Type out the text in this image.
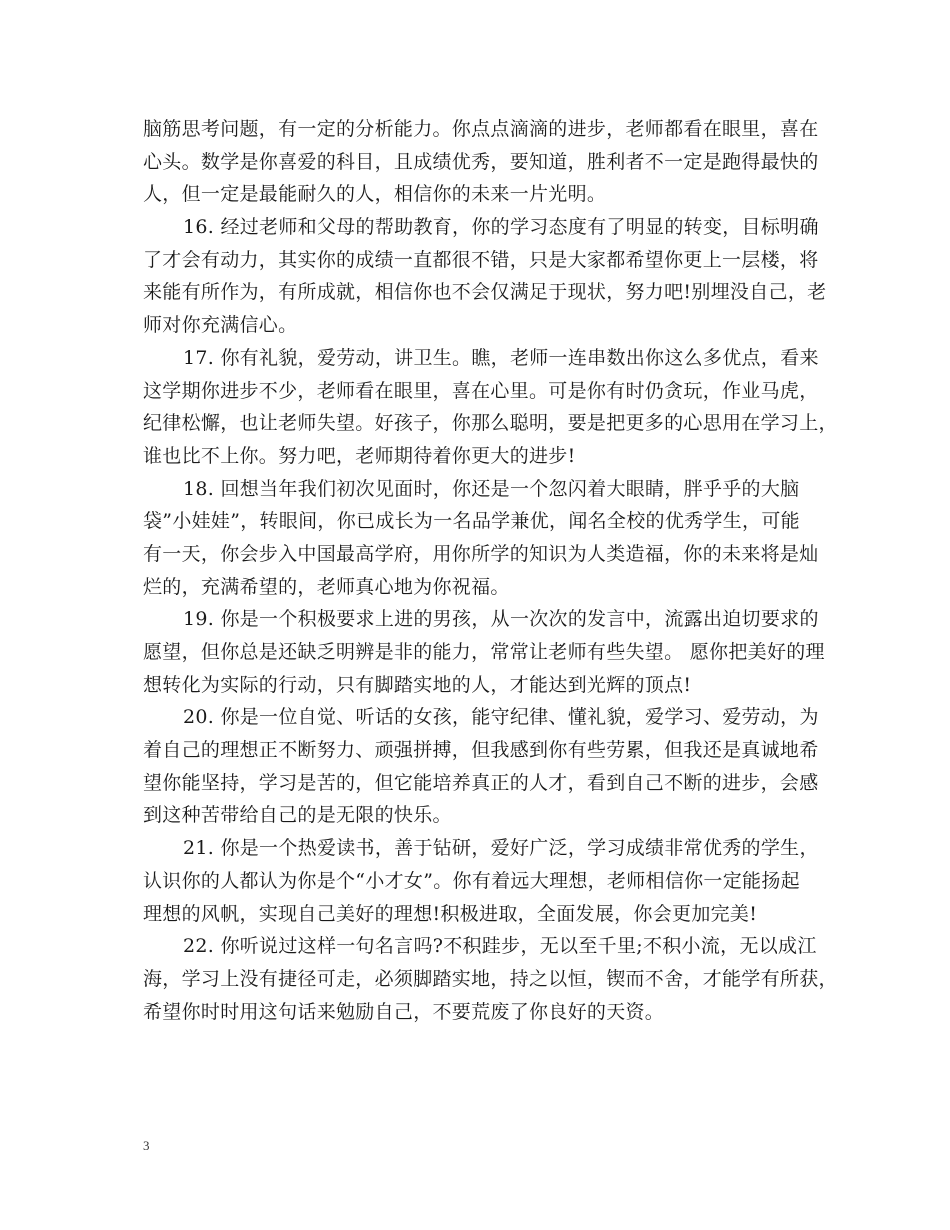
脑筋思考问题，有一定的分析能力。你点点滴滴的进步，老师都看在眼里，喜在
心头。数学是你喜爱的科目，且成绩优秀，要知道，胜利者不一定是跑得最快的
人，但一定是最能耐久的人，相信你的未来一片光明。
16. 经过老师和父母的帮助教育，你的学习态度有了明显的转变，目标明确
了才会有动力，其实你的成绩一直都很不错，只是大家都希望你更上一层楼，将
来能有所作为，有所成就，相信你也不会仅满足于现状，努力吧!别埋没自己，老
师对你充满信心。
17. 你有礼貌，爱劳动，讲卫生。瞧，老师一连串数出你这么多优点，看来
这学期你进步不少，老师看在眼里，喜在心里。可是你有时仍贪玩，作业马虎，
纪律松懈，也让老师失望。好孩子，你那么聪明，要是把更多的心思用在学习上，
谁也比不上你。努力吧，老师期待着你更大的进步!
18. 回想当年我们初次见面时，你还是一个忽闪着大眼睛，胖乎乎的大脑
袋”小娃娃”，转眼间，你已成长为一名品学兼优，闻名全校的优秀学生，可能
有一天，你会步入中国最高学府，用你所学的知识为人类造福，你的未来将是灿
烂的，充满希望的，老师真心地为你祝福。
19. 你是一个积极要求上进的男孩，从一次次的发言中，流露出迫切要求的
愿望，但你总是还缺乏明辨是非的能力，常常让老师有些失望。 愿你把美好的理
想转化为实际的行动，只有脚踏实地的人，才能达到光辉的顶点!
20. 你是一位自觉、听话的女孩，能守纪律、懂礼貌，爱学习、爱劳动，为
着自己的理想正不断努力、顽强拼搏，但我感到你有些劳累，但我还是真诚地希
望你能坚持，学习是苦的，但它能培养真正的人才，看到自己不断的进步，会感
到这种苦带给自己的是无限的快乐。
21. 你是一个热爱读书，善于钻研，爱好广泛，学习成绩非常优秀的学生，
认识你的人都认为你是个“小才女”。你有着远大理想，老师相信你一定能扬起
理想的风帆，实现自己美好的理想!积极进取，全面发展，你会更加完美!
22. 你听说过这样一句名言吗?不积跬步，无以至千里;不积小流，无以成江
海，学习上没有捷径可走，必须脚踏实地，持之以恒，锲而不舍，才能学有所获，
希望你时时用这句话来勉励自己，不要荒废了你良好的天资。
3
